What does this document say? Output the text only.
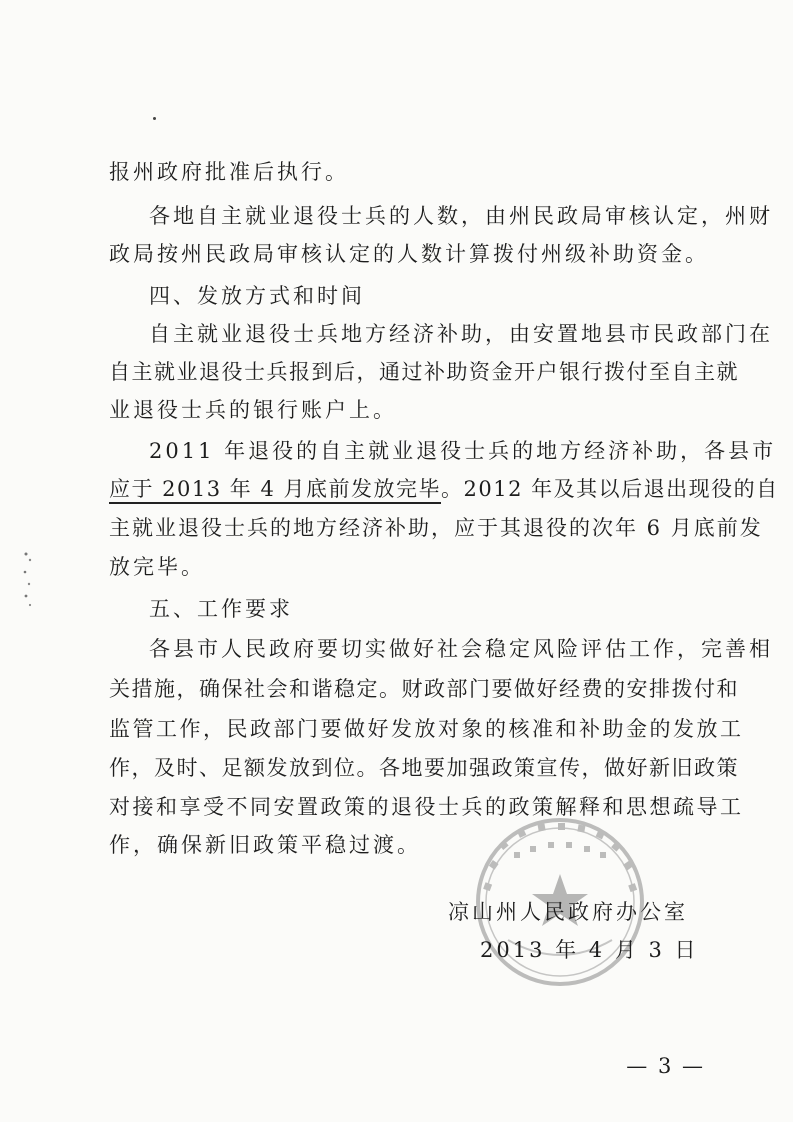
报州政府批准后执行。
各地自主就业退役士兵的人数，由州民政局审核认定，州财
政局按州民政局审核认定的人数计算拨付州级补助资金。
四、发放方式和时间
自主就业退役士兵地方经济补助，由安置地县市民政部门在
自主就业退役士兵报到后，通过补助资金开户银行拨付至自主就
业退役士兵的银行账户上。
2011 年退役的自主就业退役士兵的地方经济补助，各县市
应于 2013 年 4 月底前发放完毕。2012 年及其以后退出现役的自
主就业退役士兵的地方经济补助，应于其退役的次年 6 月底前发
放完毕。
五、工作要求
各县市人民政府要切实做好社会稳定风险评估工作，完善相
关措施，确保社会和谐稳定。财政部门要做好经费的安排拨付和
监管工作，民政部门要做好发放对象的核准和补助金的发放工
作，及时、足额发放到位。各地要加强政策宣传，做好新旧政策
对接和享受不同安置政策的退役士兵的政策解释和思想疏导工
作，确保新旧政策平稳过渡。
凉山州人民政府办公室
2013 年 4 月 3 日
— 3 —
